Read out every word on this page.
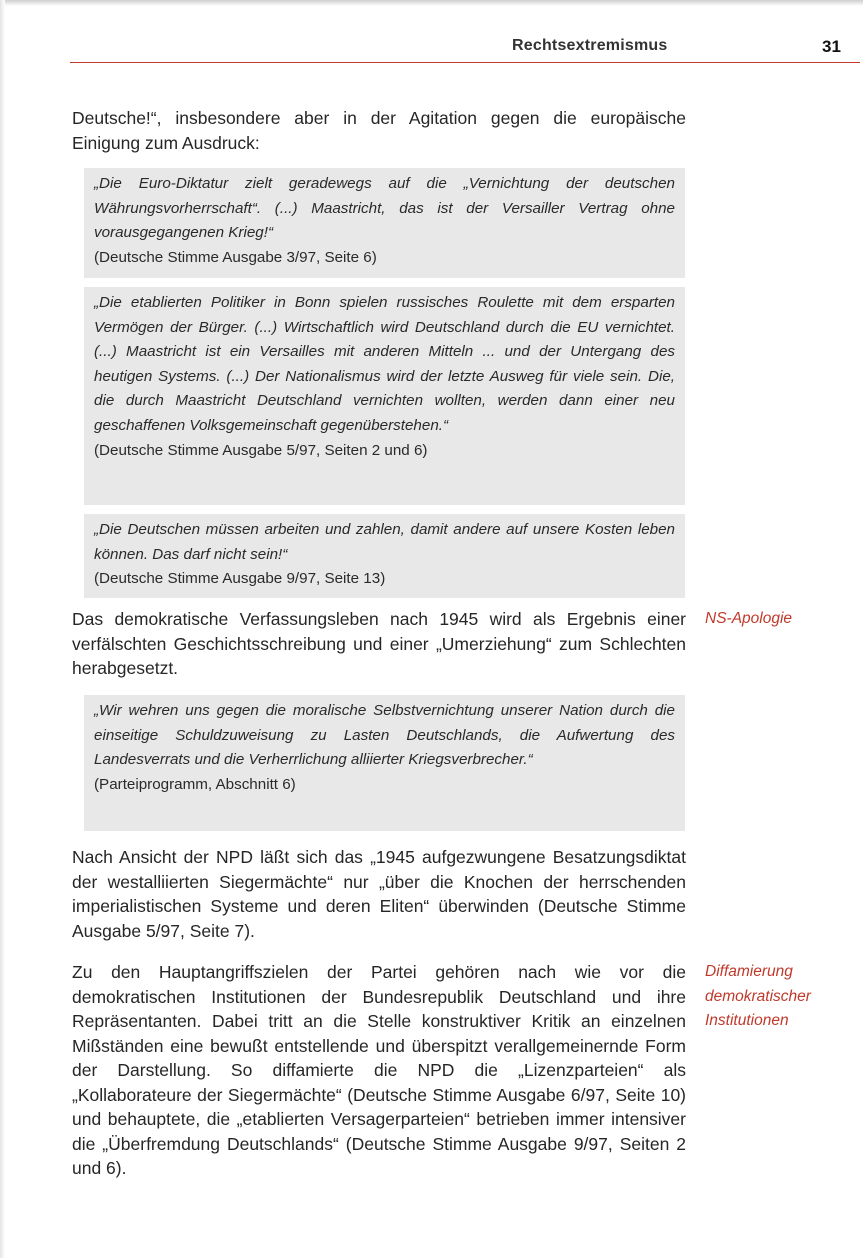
Rechtsextremismus	31

Deutsche!“, insbesondere aber in der Agitation gegen die europäische Einigung zum Ausdruck:

„Die Euro-Diktatur zielt geradewegs auf die „Vernichtung der deutschen Währungsvorherrschaft“. (...) Maastricht, das ist der Versailler Vertrag ohne vorausgegangenen Krieg!“

(Deutsche Stimme Ausgabe 3/97, Seite 6)

„Die etablierten Politiker in Bonn spielen russisches Roulette mit dem ersparten Vermögen der Bürger. (...) Wirtschaftlich wird Deutschland durch die EU vernichtet. (...) Maastricht ist ein Versailles mit anderen Mitteln ... und der Untergang des heutigen Systems. (...) Der Nationalismus wird der letzte Ausweg für viele sein. Die, die durch Maastricht Deutschland vernichten wollten, werden dann einer neu geschaffenen Volksgemeinschaft gegenüberstehen.“

(Deutsche Stimme Ausgabe 5/97, Seiten 2 und 6)

„Die Deutschen müssen arbeiten und zahlen, damit andere auf unsere Kosten leben können. Das darf nicht sein!“

(Deutsche Stimme Ausgabe 9/97, Seite 13)

Das demokratische Verfassungsleben nach 1945 wird als Ergebnis einer verfälschten Geschichtsschreibung und einer „Umerziehung“ zum Schlechten herabgesetzt.

NS-Apologie

„Wir wehren uns gegen die moralische Selbstvernichtung unserer Nation durch die einseitige Schuldzuweisung zu Lasten Deutschlands, die Aufwertung des Landesverrats und die Verherrlichung alliierter Kriegsverbrecher.“

(Parteiprogramm, Abschnitt 6)

Nach Ansicht der NPD läßt sich das „1945 aufgezwungene Besatzungsdiktat der westalliierten Siegermächte“ nur „über die Knochen der herrschenden imperialistischen Systeme und deren Eliten“ überwinden (Deutsche Stimme Ausgabe 5/97, Seite 7).

Zu den Hauptangriffszielen der Partei gehören nach wie vor die demokratischen Institutionen der Bundesrepublik Deutschland und ihre Repräsentanten. Dabei tritt an die Stelle konstruktiver Kritik an einzelnen Mißständen eine bewußt entstellende und überspitzt verallgemeinernde Form der Darstellung. So diffamierte die NPD die „Lizenzparteien“ als „Kollaborateure der Siegermächte“ (Deutsche Stimme Ausgabe 6/97, Seite 10) und behauptete, die „etablierten Versagerparteien“ betrieben immer intensiver die „Überfremdung Deutschlands“ (Deutsche Stimme Ausgabe 9/97, Seiten 2 und 6).

Diffamierung
demokratischer
Institutionen
